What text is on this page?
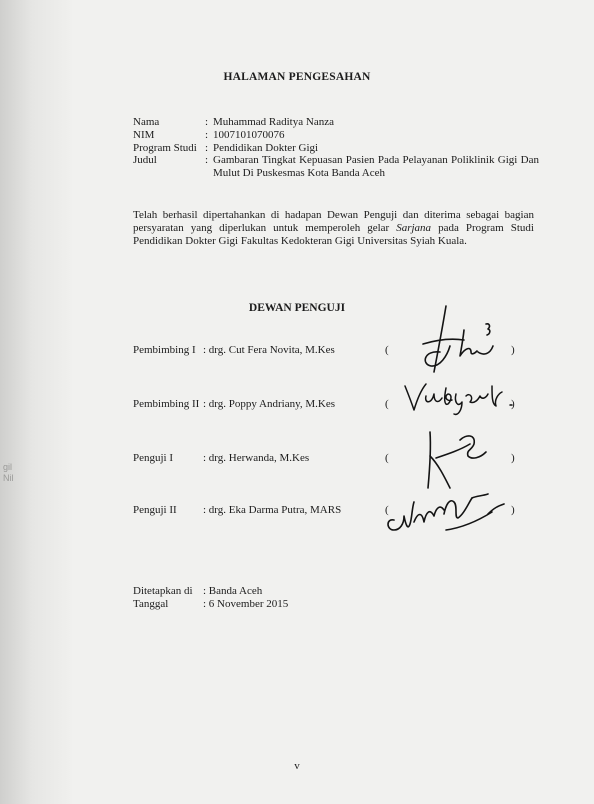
gil
Nil
HALAMAN PENGESAHAN
Nama	: Muhammad Raditya Nanza
NIM	: 1007101070076
Program Studi : Pendidikan Dokter Gigi
Judul	: Gambaran Tingkat Kepuasan Pasien Pada Pelayanan Poliklinik Gigi Dan Mulut Di Puskesmas Kota Banda Aceh
Telah berhasil dipertahankan di hadapan Dewan Penguji dan diterima sebagai bagian persyaratan yang diperlukan untuk memperoleh gelar Sarjana pada Program Studi Pendidikan Dokter Gigi Fakultas Kedokteran Gigi Universitas Syiah Kuala.
DEWAN PENGUJI
Pembimbing I : drg. Cut Fera Novita, M.Kes	(	)
Pembimbing II : drg. Poppy Andriany, M.Kes	(	)
Penguji I	: drg. Herwanda, M.Kes	(	)
Penguji II : drg. Eka Darma Putra, MARS	(	)
Ditetapkan di : Banda Aceh
Tanggal	: 6 November 2015
v
